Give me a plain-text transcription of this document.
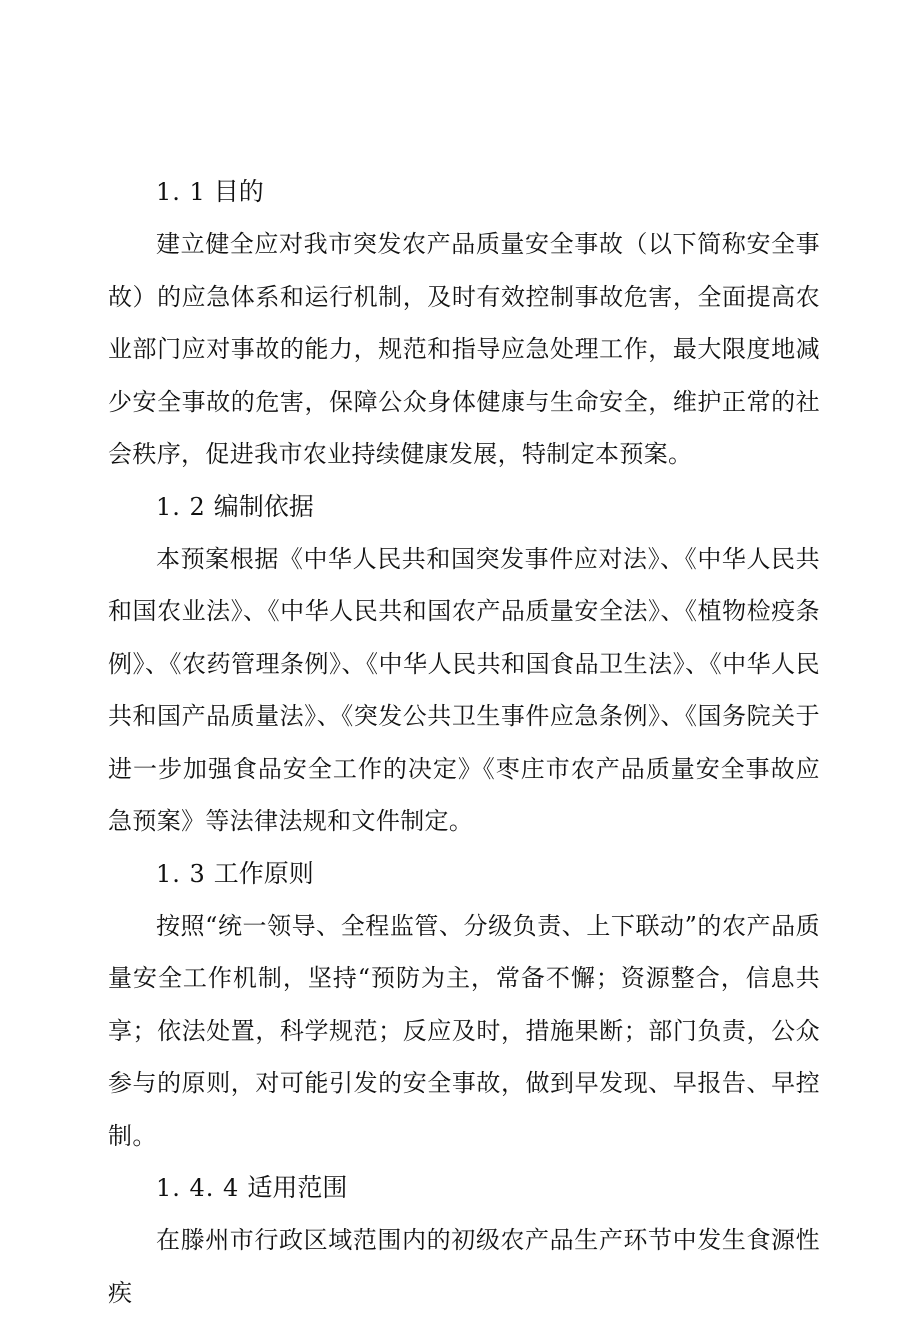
1. 1 目的

建立健全应对我市突发农产品质量安全事故（以下简称安全事故）的应急体系和运行机制，及时有效控制事故危害，全面提高农业部门应对事故的能力，规范和指导应急处理工作，最大限度地减少安全事故的危害，保障公众身体健康与生命安全，维护正常的社会秩序，促进我市农业持续健康发展，特制定本预案。

1. 2 编制依据

本预案根据《中华人民共和国突发事件应对法》、《中华人民共和国农业法》、《中华人民共和国农产品质量安全法》、《植物检疫条例》、《农药管理条例》、《中华人民共和国食品卫生法》、《中华人民共和国产品质量法》、《突发公共卫生事件应急条例》、《国务院关于进一步加强食品安全工作的决定》《枣庄市农产品质量安全事故应急预案》等法律法规和文件制定。

1. 3 工作原则

按照“统一领导、全程监管、分级负责、上下联动”的农产品质量安全工作机制，坚持“预防为主，常备不懈；资源整合，信息共享；依法处置，科学规范；反应及时，措施果断；部门负责，公众参与的原则，对可能引发的安全事故，做到早发现、早报告、早控制。

1. 4. 4 适用范围

在滕州市行政区域范围内的初级农产品生产环节中发生食源性疾
